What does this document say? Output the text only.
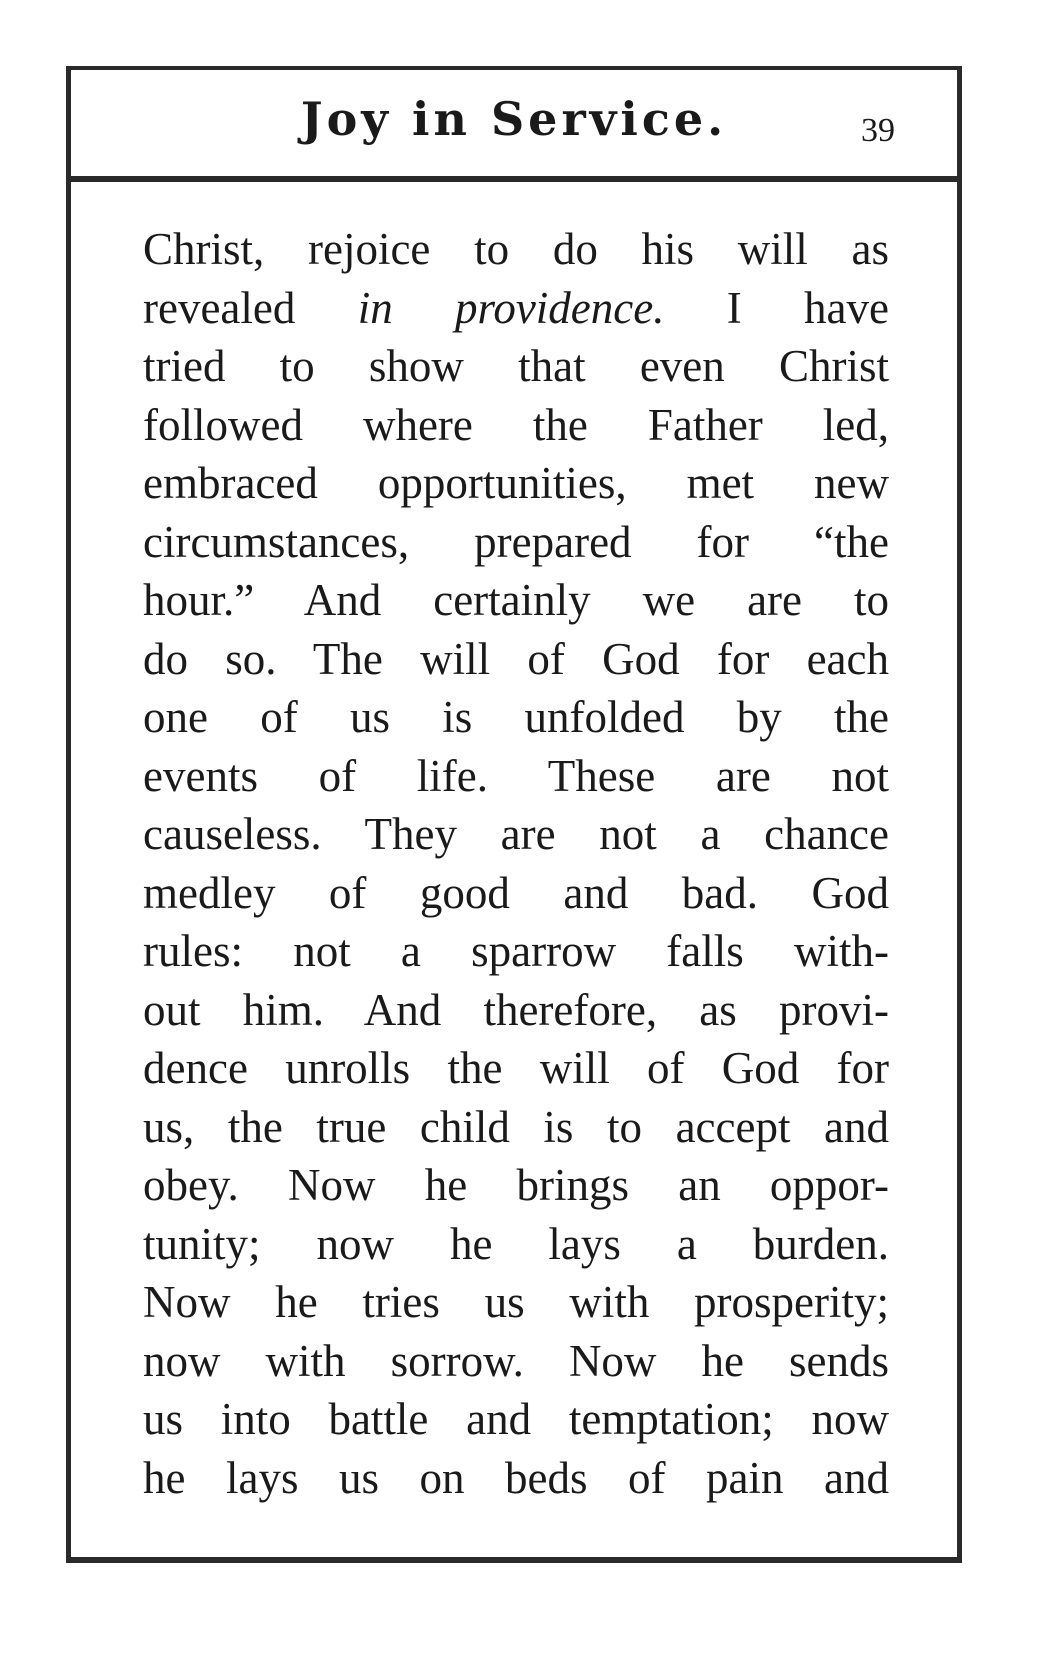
Joy in Service.	39
Christ, rejoice to do his will as
revealed in providence. I have
tried to show that even Christ
followed where the Father led,
embraced opportunities, met new
circumstances, prepared for “the
hour.” And certainly we are to
do so. The will of God for each
one of us is unfolded by the
events of life. These are not
causeless. They are not a chance
medley of good and bad. God
rules: not a sparrow falls with-
out him. And therefore, as provi-
dence unrolls the will of God for
us, the true child is to accept and
obey. Now he brings an oppor-
tunity; now he lays a burden.
Now he tries us with prosperity;
now with sorrow. Now he sends
us into battle and temptation; now
he lays us on beds of pain and
